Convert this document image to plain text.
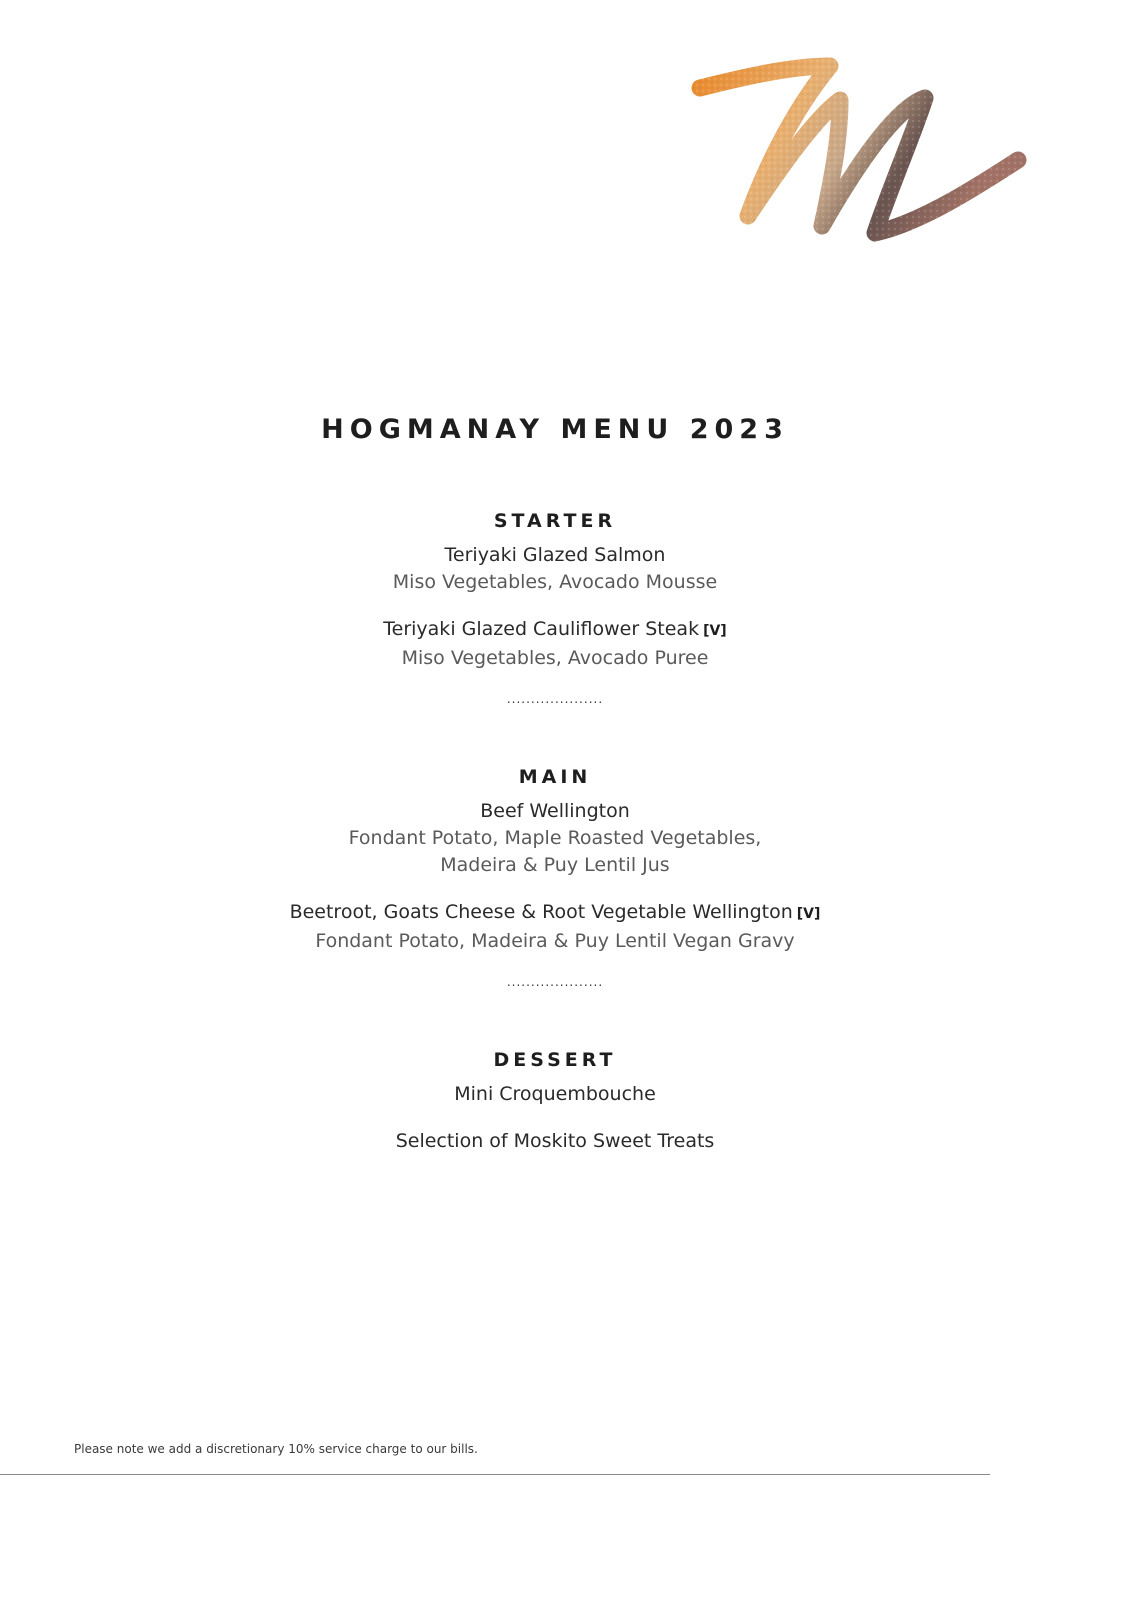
HOGMANAY MENU 2023
STARTER
Teriyaki Glazed Salmon
Miso Vegetables, Avocado Mousse
Teriyaki Glazed Cauliflower Steak [V]
Miso Vegetables, Avocado Puree
....................
MAIN
Beef Wellington
Fondant Potato, Maple Roasted Vegetables,
Madeira & Puy Lentil Jus
Beetroot, Goats Cheese & Root Vegetable Wellington [V]
Fondant Potato, Madeira & Puy Lentil Vegan Gravy
....................
DESSERT
Mini Croquembouche
Selection of Moskito Sweet Treats
Please note we add a discretionary 10% service charge to our bills.
